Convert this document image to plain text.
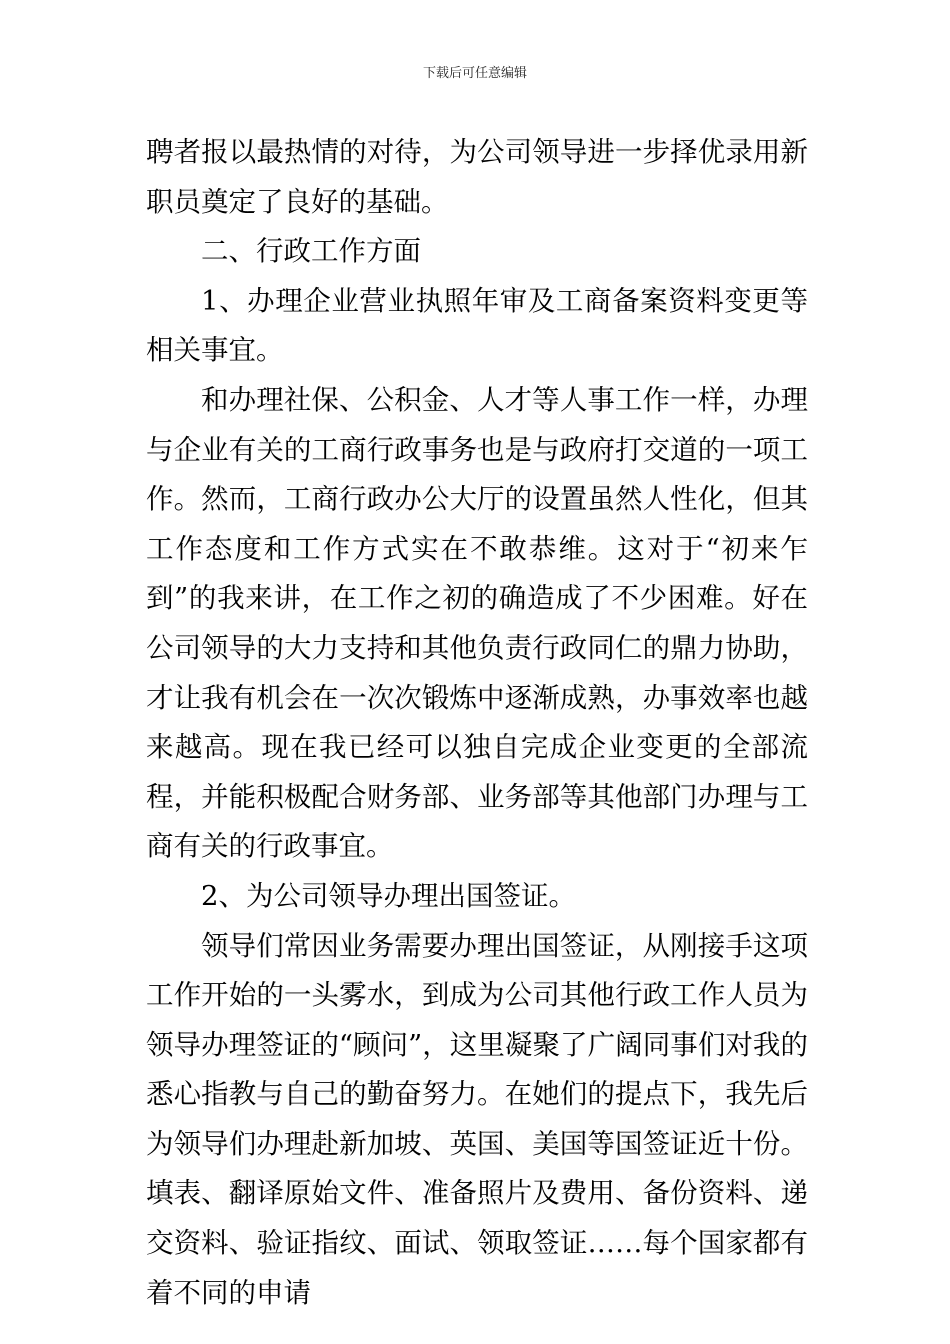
下载后可任意编辑

聘者报以最热情的对待，为公司领导进一步择优录用新职员奠定了良好的基础。

二、行政工作方面

1、办理企业营业执照年审及工商备案资料变更等相关事宜。

和办理社保、公积金、人才等人事工作一样，办理与企业有关的工商行政事务也是与政府打交道的一项工作。然而，工商行政办公大厅的设置虽然人性化，但其工作态度和工作方式实在不敢恭维。这对于“初来乍到”的我来讲，在工作之初的确造成了不少困难。好在公司领导的大力支持和其他负责行政同仁的鼎力协助，才让我有机会在一次次锻炼中逐渐成熟，办事效率也越来越高。现在我已经可以独自完成企业变更的全部流程，并能积极配合财务部、业务部等其他部门办理与工商有关的行政事宜。

2、为公司领导办理出国签证。

领导们常因业务需要办理出国签证，从刚接手这项工作开始的一头雾水，到成为公司其他行政工作人员为领导办理签证的“顾问”，这里凝聚了广阔同事们对我的悉心指教与自己的勤奋努力。在她们的提点下，我先后为领导们办理赴新加坡、英国、美国等国签证近十份。填表、翻译原始文件、准备照片及费用、备份资料、递交资料、验证指纹、面试、领取签证……每个国家都有着不同的申请
